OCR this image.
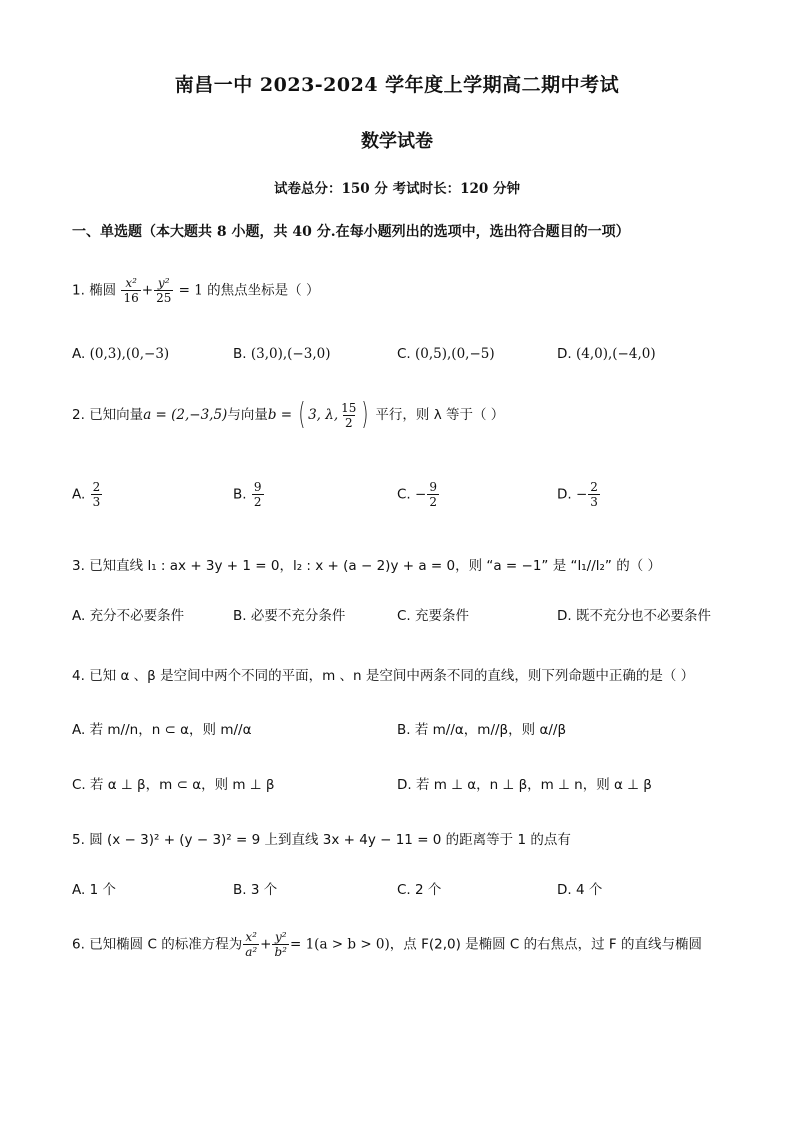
南昌一中 2023-2024 学年度上学期高二期中考试
数学试卷
试卷总分：150 分 考试时长：120 分钟
一、单选题（本大题共 8 小题，共 40 分.在每小题列出的选项中，选出符合题目的一项）
1. 椭圆 $\frac{\text{x²}}{16} + \frac{\text{y²}}{25} = 1$ 的焦点坐标是（ ）
A. (0,3),(0,−3)	B. (3,0),(−3,0)	C. (0,5),(0,−5)	D. (4,0),(−4,0)
2. 已知向量a = (2,−3,5)与向量b = ( 3, λ, $\frac{15}{2}$ ) 平行，则 λ 等于（ ）
A. $\frac{2}{3}$	B. $\frac{9}{2}$	C. − $\frac{9}{2}$	D. − $\frac{2}{3}$
3. 已知直线 l₁ : ax + 3y + 1 = 0，l₂ : x + (a − 2)y + a = 0，则 “a = −1” 是 “l₁//l₂” 的（ ）
A. 充分不必要条件	B. 必要不充分条件	C. 充要条件	D. 既不充分也不必要条件
4. 已知 α 、β 是空间中两个不同的平面，m 、n 是空间中两条不同的直线，则下列命题中正确的是（ ）
A. 若 m//n，n ⊂ α，则 m//α	B. 若 m//α，m//β，则 α//β
C. 若 α ⊥ β，m ⊂ α，则 m ⊥ β	D. 若 m ⊥ α，n ⊥ β，m ⊥ n，则 α ⊥ β
5. 圆 (x − 3)² + (y − 3)² = 9 上到直线 3x + 4y − 11 = 0 的距离等于 1 的点有
A. 1 个	B. 3 个	C. 2 个	D. 4 个
6. 已知椭圆 C 的标准方程为 $\frac{\text{x²}}{\text{a²}} + \frac{\text{y²}}{\text{b²}} = 1(a > b > 0)$，点 F(2,0) 是椭圆 C 的右焦点，过 F 的直线与椭圆
